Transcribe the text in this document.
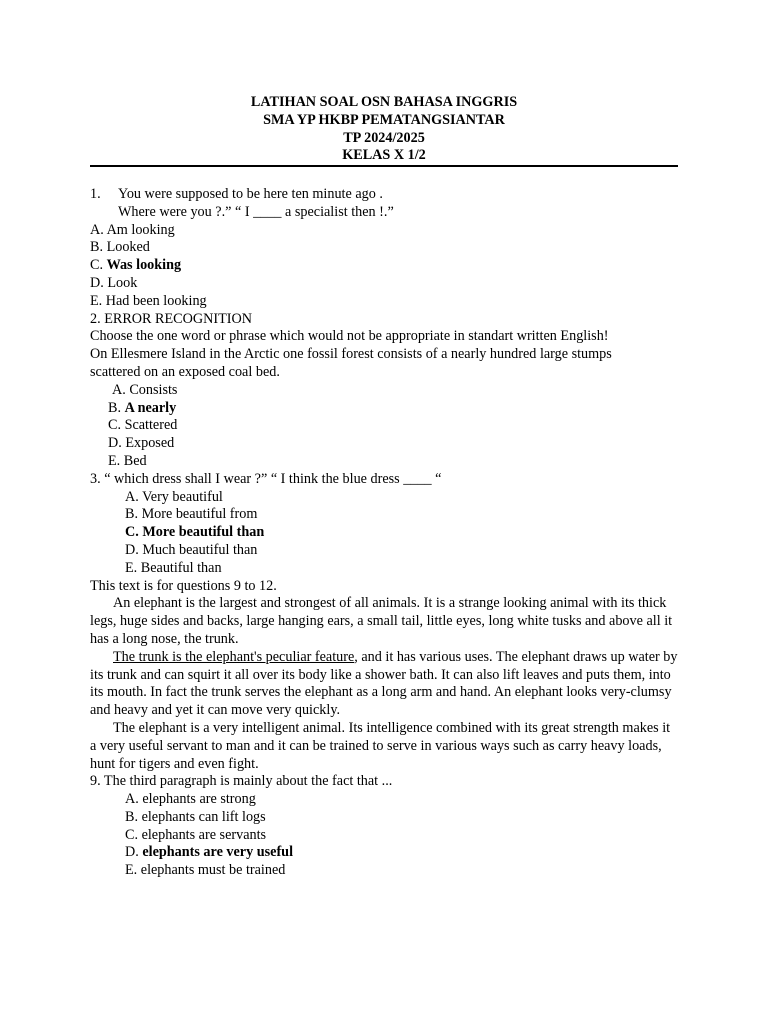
LATIHAN SOAL OSN BAHASA INGGRIS
SMA YP HKBP PEMATANGSIANTAR
TP 2024/2025
KELAS X 1/2
1. You were supposed to be here ten minute ago .
Where were you ?.” “ I ____ a specialist then !.”
A. Am looking
B. Looked
C. Was looking
D. Look
E. Had been looking
2. ERROR RECOGNITION
Choose the one word or phrase which would not be appropriate in standart written English!
On Ellesmere Island in the Arctic one fossil forest consists of a nearly hundred large stumps
scattered on an exposed coal bed.
A. Consists
B. A nearly
C. Scattered
D. Exposed
E. Bed
3. “ which dress shall I wear ?” “ I think the blue dress ____ “
A. Very beautiful
B. More beautiful from
C. More beautiful than
D. Much beautiful than
E. Beautiful than
This text is for questions 9 to 12.
An elephant is the largest and strongest of all animals. It is a strange looking animal with its thick legs, huge sides and backs, large hanging ears, a small tail, little eyes, long white tusks and above all it has a long nose, the trunk.
The trunk is the elephant's peculiar feature, and it has various uses. The elephant draws up water by its trunk and can squirt it all over its body like a shower bath. It can also lift leaves and puts them, into its mouth. In fact the trunk serves the elephant as a long arm and hand. An elephant looks very-clumsy and heavy and yet it can move very quickly.
The elephant is a very intelligent animal. Its intelligence combined with its great strength makes it a very useful servant to man and it can be trained to serve in various ways such as carry heavy loads, hunt for tigers and even fight.
9. The third paragraph is mainly about the fact that ...
A. elephants are strong
B. elephants can lift logs
C. elephants are servants
D. elephants are very useful
E. elephants must be trained
